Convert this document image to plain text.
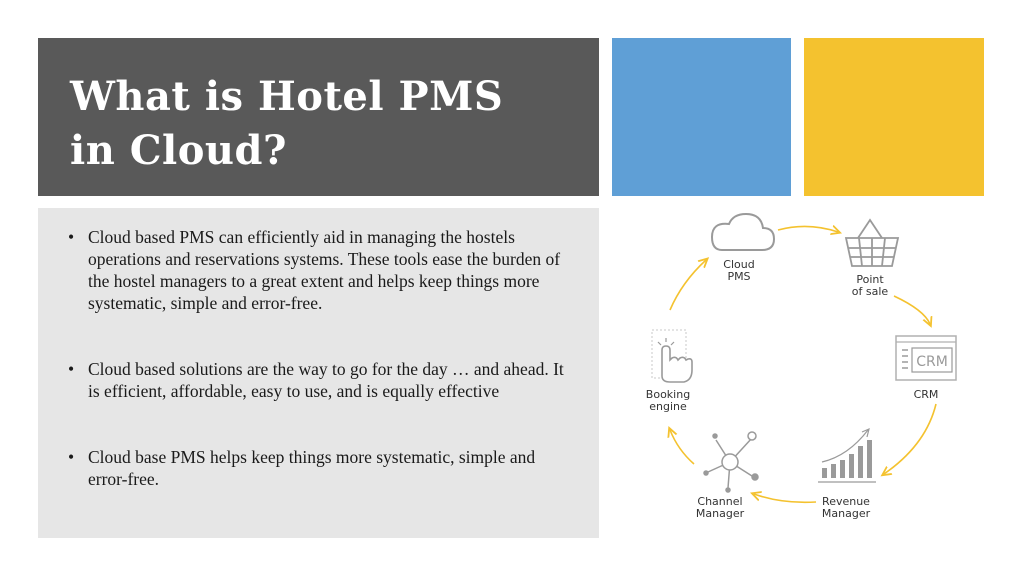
What is Hotel PMS
in Cloud?
• Cloud based PMS can efficiently aid in managing the hostels operations and reservations systems. These tools ease the burden of the hostel managers to a great extent and helps keep things more systematic, simple and error-free.
• Cloud based solutions are the way to go for the day … and ahead. It is efficient, affordable, easy to use, and is equally effective
• Cloud base PMS helps keep things more systematic, simple and error-free.
Cloud
PMS	Point
of sale
CRM
CRM
Revenue
Manager
Channel
Manager
Booking
engine
